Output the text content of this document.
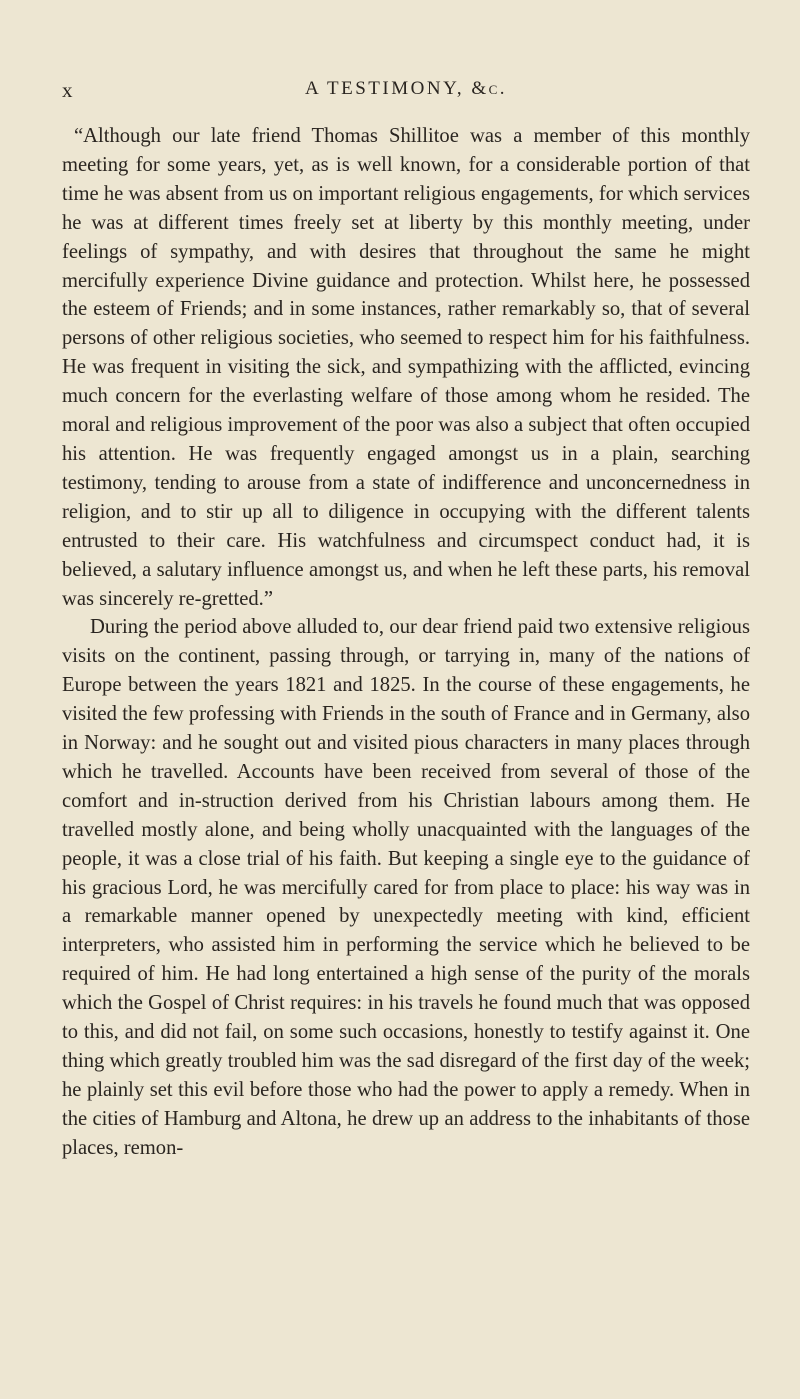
x	A TESTIMONY, &c.

“Although our late friend Thomas Shillitoe was a member of this monthly meeting for some years, yet, as is well known, for a considerable portion of that time he was absent from us on important religious engagements, for which services he was at different times freely set at liberty by this monthly meeting, under feelings of sympathy, and with desires that throughout the same he might mercifully experience Divine guidance and protection. Whilst here, he possessed the esteem of Friends; and in some instances, rather remarkably so, that of several persons of other religious societies, who seemed to respect him for his faithfulness. He was frequent in visiting the sick, and sympathizing with the afflicted, evincing much concern for the everlasting welfare of those among whom he resided. The moral and religious improvement of the poor was also a subject that often occupied his attention. He was frequently engaged amongst us in a plain, searching testimony, tending to arouse from a state of indifference and unconcernedness in religion, and to stir up all to diligence in occupying with the different talents entrusted to their care. His watchfulness and circumspect conduct had, it is believed, a salutary influence amongst us, and when he left these parts, his removal was sincerely re-gretted.”

During the period above alluded to, our dear friend paid two extensive religious visits on the continent, passing through, or tarrying in, many of the nations of Europe between the years 1821 and 1825. In the course of these engagements, he visited the few professing with Friends in the south of France and in Germany, also in Norway: and he sought out and visited pious characters in many places through which he travelled. Accounts have been received from several of those of the comfort and in-struction derived from his Christian labours among them. He travelled mostly alone, and being wholly unacquainted with the languages of the people, it was a close trial of his faith. But keeping a single eye to the guidance of his gracious Lord, he was mercifully cared for from place to place: his way was in a remarkable manner opened by unexpectedly meeting with kind, efficient interpreters, who assisted him in performing the service which he believed to be required of him. He had long entertained a high sense of the purity of the morals which the Gospel of Christ requires: in his travels he found much that was opposed to this, and did not fail, on some such occasions, honestly to testify against it. One thing which greatly troubled him was the sad disregard of the first day of the week; he plainly set this evil before those who had the power to apply a remedy. When in the cities of Hamburg and Altona, he drew up an address to the inhabitants of those places, remon-
